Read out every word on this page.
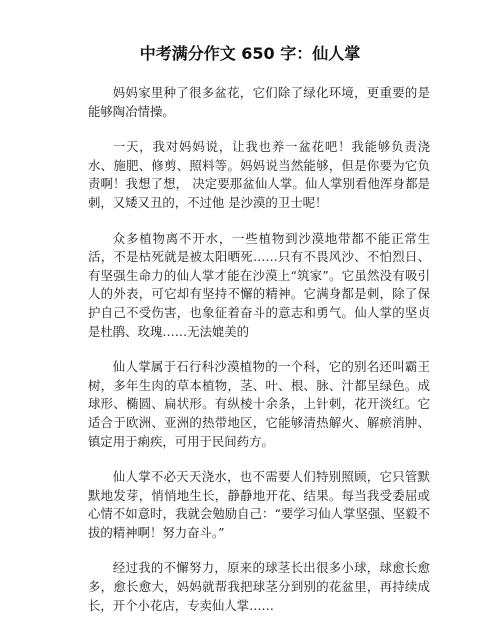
中考满分作文 650 字：仙人掌

妈妈家里种了很多盆花，它们除了绿化环境，更重要的是能够陶冶情操。

一天，我对妈妈说，让我也养一盆花吧！我能够负责浇水、施肥、修剪、照料等。妈妈说当然能够，但是你要为它负责啊！我想了想， 决定要那盆仙人掌。仙人掌别看他浑身都是刺，又矮又丑的，不过他 是沙漠的卫士呢！

众多植物离不开水，一些植物到沙漠地带都不能正常生活，不是枯死就是被太阳晒死……只有不畏风沙、不怕烈日、有坚强生命力的仙人掌才能在沙漠上“筑家”。它虽然没有吸引人的外表，可它却有坚持不懈的精神。它满身都是刺，除了保护自己不受伤害，也象征着奋斗的意志和勇气。仙人掌的坚贞是杜鹃、玫瑰……无法媲美的

仙人掌属于石行科沙漠植物的一个科，它的别名还叫霸王树，多年生肉的草本植物，茎、叶、根、脉、汁都呈绿色。成球形、椭圆、扁状形。有纵棱十余条，上针刺，花开淡红。它适合于欧洲、亚洲的热带地区，它能够清热解火、解瘀消肿、镇定用于痢疾，可用于民间药方。

仙人掌不必天天浇水，也不需要人们特别照顾，它只管默默地发芽，悄悄地生长，静静地开花、结果。每当我受委屈或心情不如意时，我就会勉励自己：“要学习仙人掌坚强、坚毅不拔的精神啊！努力奋斗。”

经过我的不懈努力，原来的球茎长出很多小球，球愈长愈多，愈长愈大，妈妈就帮我把球茎分到别的花盆里，再持续成长，开个小花店，专卖仙人掌……
